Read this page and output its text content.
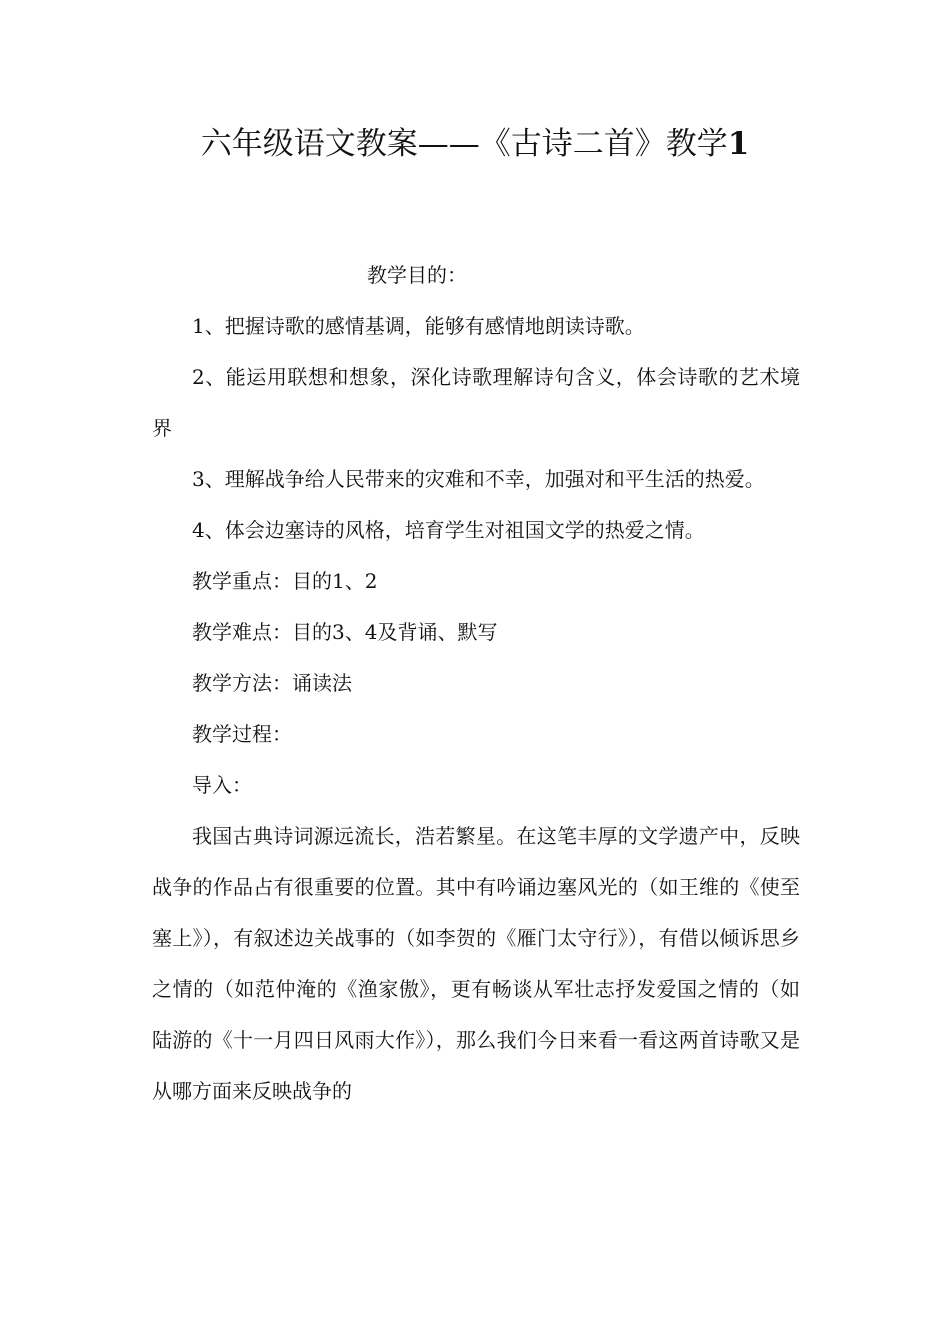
六年级语文教案——《古诗二首》教学1

教学目的：

1、把握诗歌的感情基调，能够有感情地朗读诗歌。

2、能运用联想和想象，深化诗歌理解诗句含义，体会诗歌的艺术境界

3、理解战争给人民带来的灾难和不幸，加强对和平生活的热爱。

4、体会边塞诗的风格，培育学生对祖国文学的热爱之情。

教学重点：目的1、2

教学难点：目的3、4及背诵、默写

教学方法：诵读法

教学过程：

导入：

我国古典诗词源远流长，浩若繁星。在这笔丰厚的文学遗产中，反映战争的作品占有很重要的位置。其中有吟诵边塞风光的（如王维的《使至塞上》），有叙述边关战事的（如李贺的《雁门太守行》），有借以倾诉思乡之情的（如范仲淹的《渔家傲》，更有畅谈从军壮志抒发爱国之情的（如陆游的《十一月四日风雨大作》），那么我们今日来看一看这两首诗歌又是从哪方面来反映战争的
